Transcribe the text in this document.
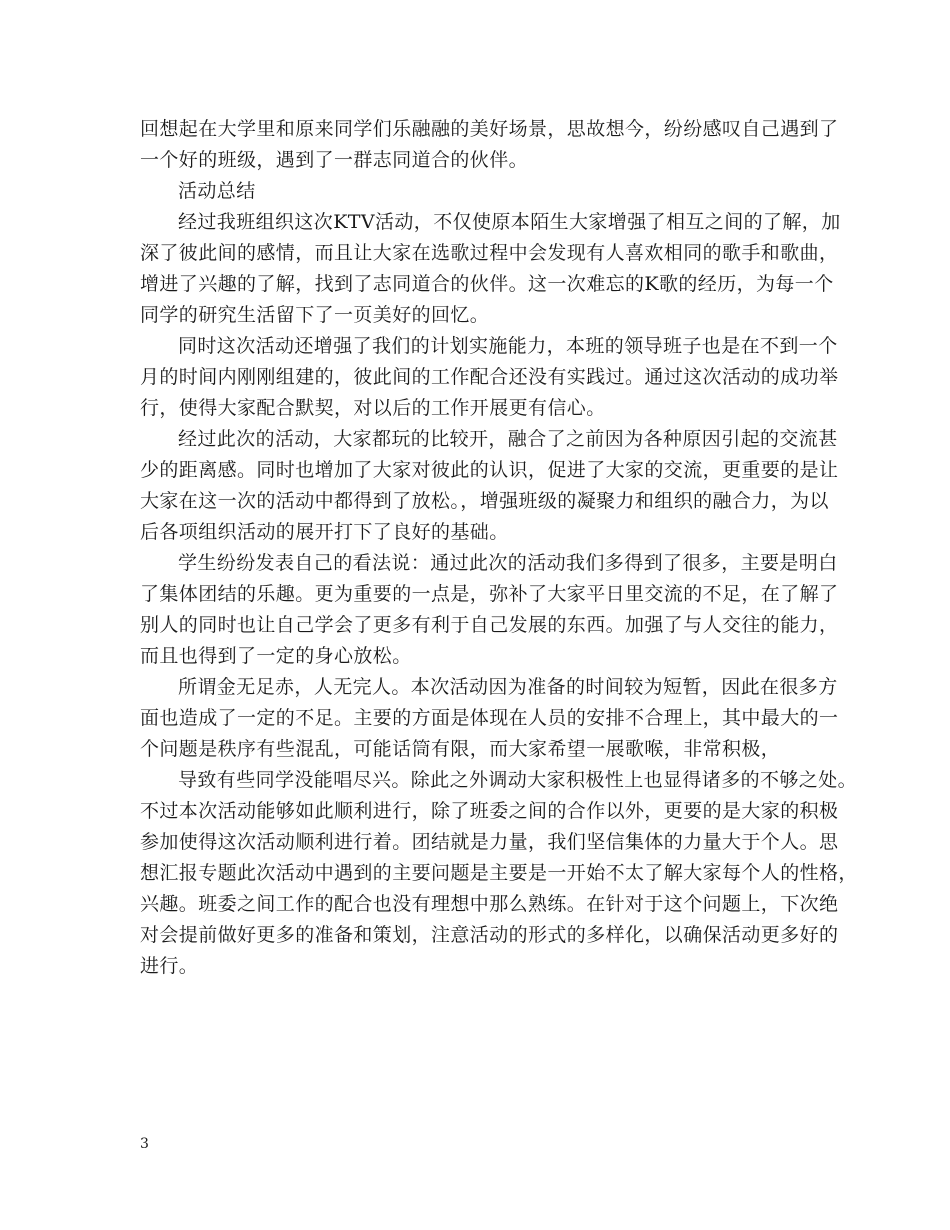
回想起在大学里和原来同学们乐融融的美好场景，思故想今，纷纷感叹自己遇到了
一个好的班级，遇到了一群志同道合的伙伴。
活动总结
经过我班组织这次KTV活动，不仅使原本陌生大家增强了相互之间的了解，加
深了彼此间的感情，而且让大家在选歌过程中会发现有人喜欢相同的歌手和歌曲，
增进了兴趣的了解，找到了志同道合的伙伴。这一次难忘的K歌的经历，为每一个
同学的研究生活留下了一页美好的回忆。
同时这次活动还增强了我们的计划实施能力，本班的领导班子也是在不到一个
月的时间内刚刚组建的，彼此间的工作配合还没有实践过。通过这次活动的成功举
行，使得大家配合默契，对以后的工作开展更有信心。
经过此次的活动，大家都玩的比较开，融合了之前因为各种原因引起的交流甚
少的距离感。同时也增加了大家对彼此的认识，促进了大家的交流，更重要的是让
大家在这一次的活动中都得到了放松。，增强班级的凝聚力和组织的融合力，为以
后各项组织活动的展开打下了良好的基础。
学生纷纷发表自己的看法说：通过此次的活动我们多得到了很多，主要是明白
了集体团结的乐趣。更为重要的一点是，弥补了大家平日里交流的不足，在了解了
别人的同时也让自己学会了更多有利于自己发展的东西。加强了与人交往的能力，
而且也得到了一定的身心放松。
所谓金无足赤，人无完人。本次活动因为准备的时间较为短暂，因此在很多方
面也造成了一定的不足。主要的方面是体现在人员的安排不合理上，其中最大的一
个问题是秩序有些混乱，可能话筒有限，而大家希望一展歌喉，非常积极，
导致有些同学没能唱尽兴。除此之外调动大家积极性上也显得诸多的不够之处。
不过本次活动能够如此顺利进行，除了班委之间的合作以外，更要的是大家的积极
参加使得这次活动顺利进行着。团结就是力量，我们坚信集体的力量大于个人。思
想汇报专题此次活动中遇到的主要问题是主要是一开始不太了解大家每个人的性格，
兴趣。班委之间工作的配合也没有理想中那么熟练。在针对于这个问题上，下次绝
对会提前做好更多的准备和策划，注意活动的形式的多样化，以确保活动更多好的
进行。
3
